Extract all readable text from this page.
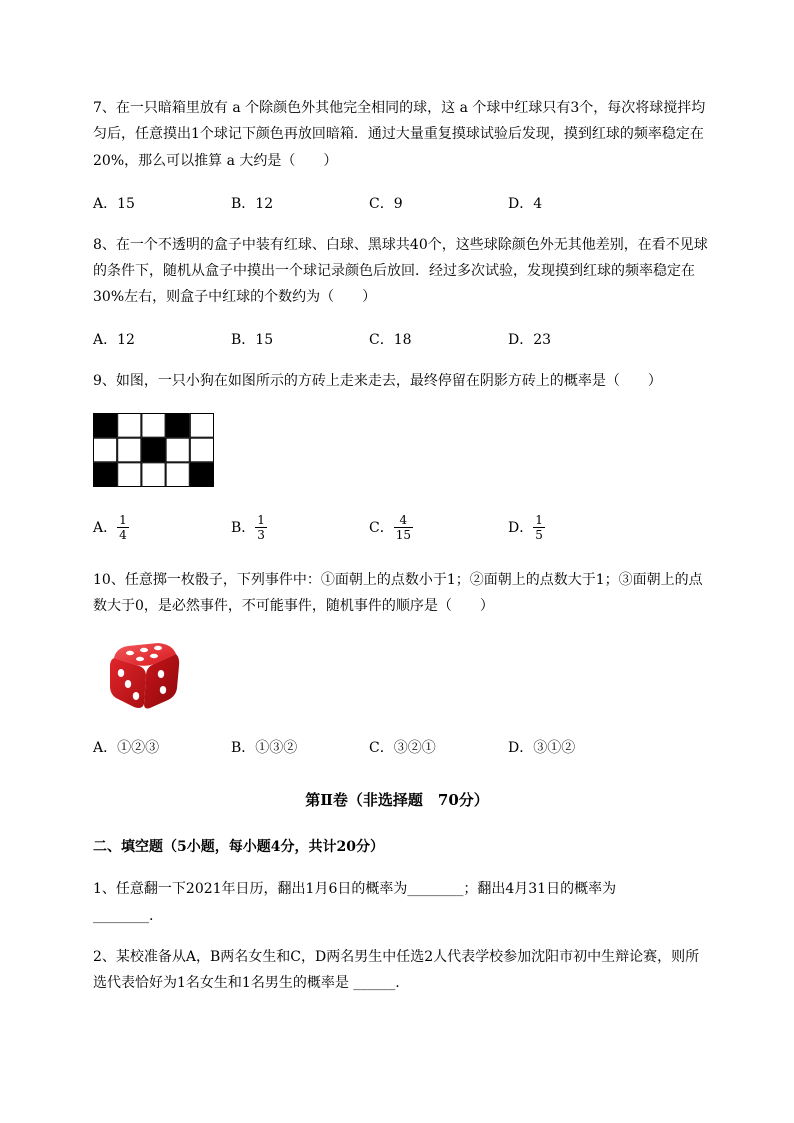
7、在一只暗箱里放有 a 个除颜色外其他完全相同的球，这 a 个球中红球只有3个，每次将球搅拌均
匀后，任意摸出1个球记下颜色再放回暗箱．通过大量重复摸球试验后发现，摸到红球的频率稳定在
20%，那么可以推算 a 大约是（　　）
A．15	B．12	C．9	D．4
8、在一个不透明的盒子中装有红球、白球、黑球共40个，这些球除颜色外无其他差别，在看不见球
的条件下，随机从盒子中摸出一个球记录颜色后放回．经过多次试验，发现摸到红球的频率稳定在
30%左右，则盒子中红球的个数约为（　　）
A．12	B．15	C．18	D．23
9、如图，一只小狗在如图所示的方砖上走来走去，最终停留在阴影方砖上的概率是（　　）
A． $\frac{1}{4}$	B． $\frac{1}{3}$	C． $\frac{4}{15}$	D． $\frac{1}{5}$
10、任意掷一枚骰子，下列事件中：①面朝上的点数小于1；②面朝上的点数大于1；③面朝上的点
数大于0，是必然事件，不可能事件，随机事件的顺序是（　　）
A．①②③	B．①③②	C．③②①	D．③①②
第Ⅱ卷（非选择题　70分）
二、填空题（5小题，每小题4分，共计20分）
1、任意翻一下2021年日历，翻出1月6日的概率为________；翻出4月31日的概率为
________.
2、某校准备从A，B两名女生和C，D两名男生中任选2人代表学校参加沈阳市初中生辩论赛，则所
选代表恰好为1名女生和1名男生的概率是 ______.
